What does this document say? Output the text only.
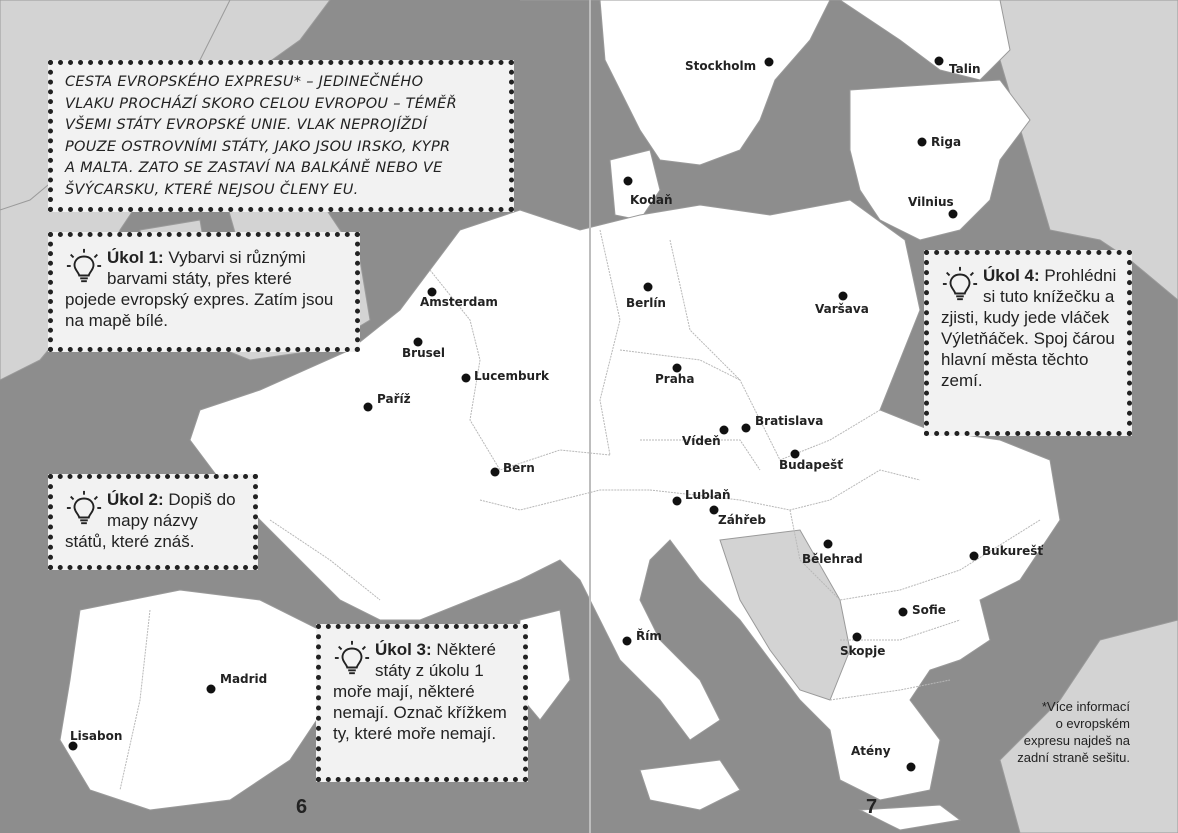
Stockholm	Talin
Riga
Kodaň	Vilnius
Amsterdam	Berlín	Varšava
Brusel
Lucemburk	Praha
Paříž
Bratislava
Vídeň
Budapešť
Bern
Lublaň
Záhřeb
Bělehrad
Bukurešť
Sofie
Řím
Skopje
Madrid
Lisabon
Atény
CESTA EVROPSKÉHO EXPRESU* – JEDINEČNÉHO
VLAKU PROCHÁZÍ SKORO CELOU EVROPOU – TÉMĚŘ
VŠEMI STÁTY EVROPSKÉ UNIE. VLAK NEPROJÍŽDÍ
POUZE OSTROVNÍMI STÁTY, JAKO JSOU IRSKO, KYPR
A MALTA. ZATO SE ZASTAVÍ NA BALKÁNĚ NEBO VE
ŠVÝCARSKU, KTERÉ NEJSOU ČLENY EU.
Úkol 1: Vybarvi si různými barvami státy, přes které pojede evropský expres. Zatím jsou na mapě bílé.
Úkol 2: Dopiš do mapy názvy států, které znáš.
Úkol 3: Některé státy z úkolu 1 moře mají, některé nemají. Označ křížkem ty, které moře nemají.
Úkol 4: Prohlédni si tuto knížečku a zjisti, kudy jede vláček Výletňáček. Spoj čárou hlavní města těchto zemí.
6	7
*Více informací
o evropském
expresu najdeš na
zadní straně sešitu.
